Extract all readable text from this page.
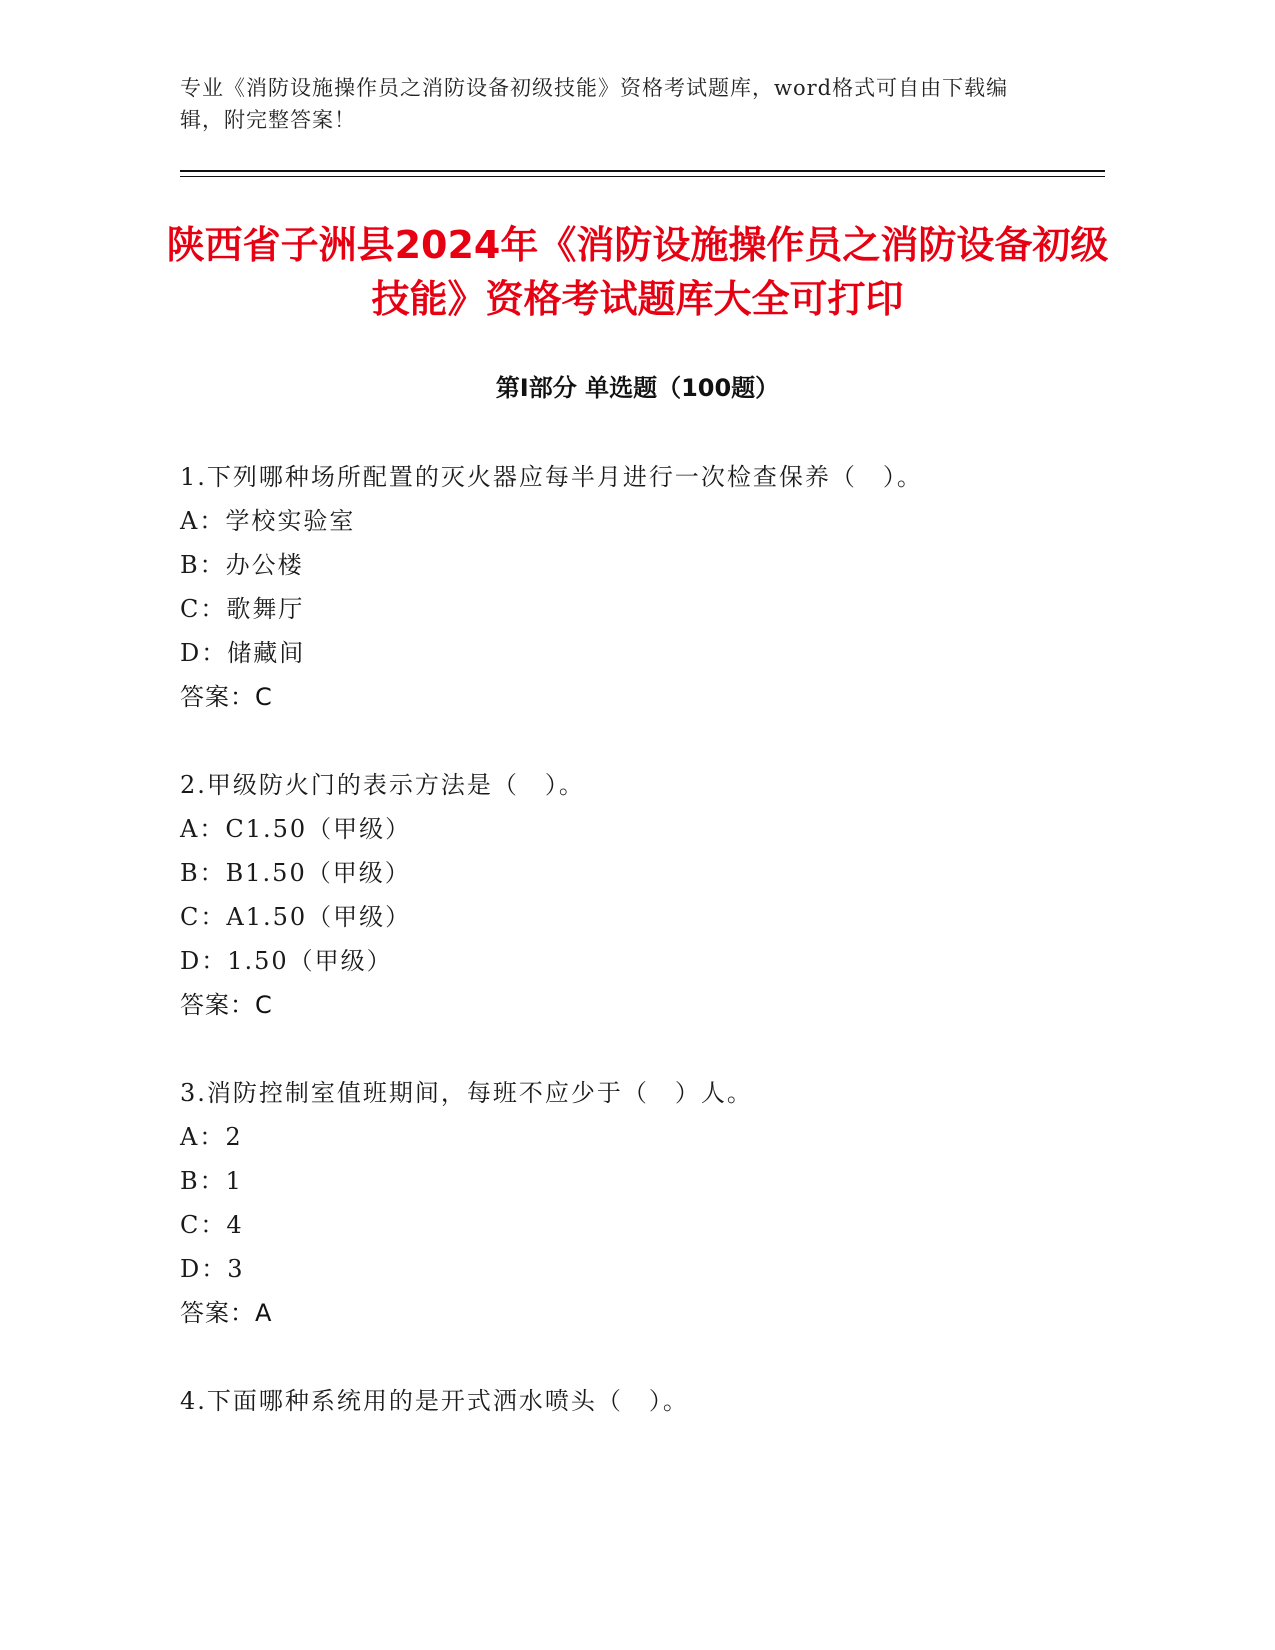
专业《消防设施操作员之消防设备初级技能》资格考试题库，word格式可自由下载编辑，附完整答案！
陕西省子洲县2024年《消防设施操作员之消防设备初级技能》资格考试题库大全可打印
第Ⅰ部分 单选题（100题）
1.下列哪种场所配置的灭火器应每半月进行一次检查保养（　）。
A：学校实验室
B：办公楼
C：歌舞厅
D：储藏间
答案：C
2.甲级防火门的表示方法是（　）。
A：C1.50（甲级）
B：B1.50（甲级）
C：A1.50（甲级）
D：1.50（甲级）
答案：C
3.消防控制室值班期间，每班不应少于（　）人。
A：2
B：1
C：4
D：3
答案：A
4.下面哪种系统用的是开式洒水喷头（　）。
